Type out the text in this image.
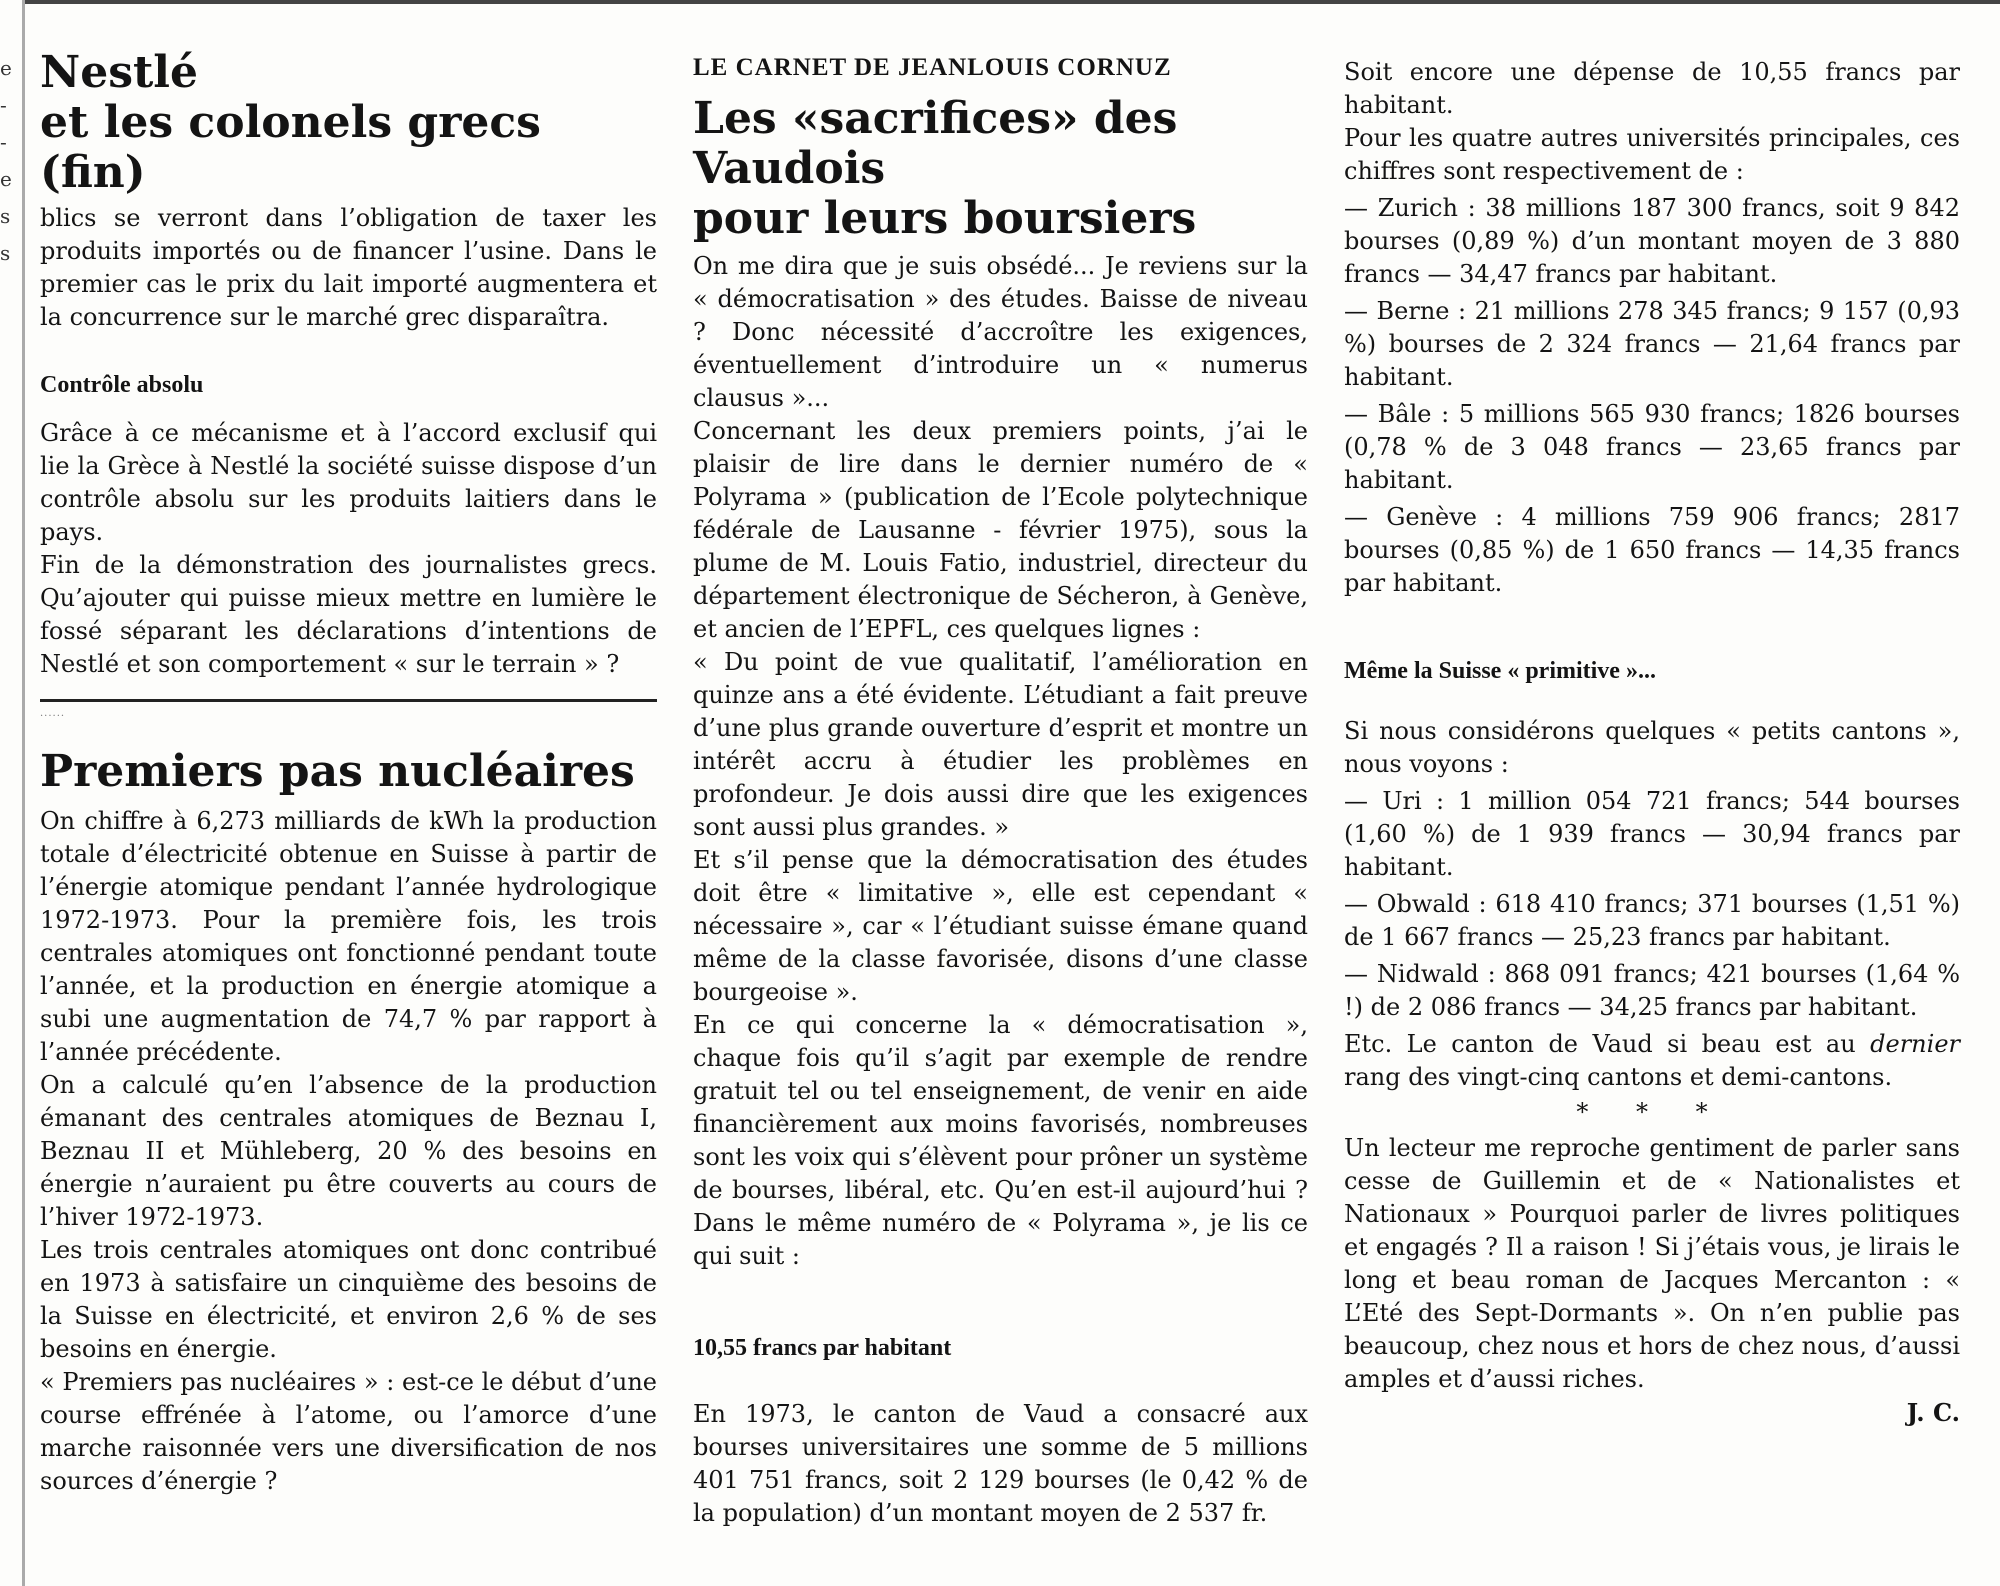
e
-
-
e
s
s
Nestlé
et les colonels grecs (fin)

blics se verront dans l’obligation de taxer les produits importés ou de financer l’usine. Dans le premier cas le prix du lait importé augmentera et la concurrence sur le marché grec disparaîtra.

Contrôle absolu

Grâce à ce mécanisme et à l’accord exclusif qui lie la Grèce à Nestlé la société suisse dispose d’un contrôle absolu sur les produits laitiers dans le pays.

Fin de la démonstration des journalistes grecs. Qu’ajouter qui puisse mieux mettre en lumière le fossé séparant les déclarations d’intentions de Nestlé et son comportement « sur le terrain » ?

......

Premiers pas nucléaires

On chiffre à 6,273 milliards de kWh la production totale d’électricité obtenue en Suisse à partir de l’énergie atomique pendant l’année hydrologique 1972-1973. Pour la première fois, les trois centrales atomiques ont fonctionné pendant toute l’année, et la production en énergie atomique a subi une augmentation de 74,7 % par rapport à l’année précédente.

On a calculé qu’en l’absence de la production émanant des centrales atomiques de Beznau I, Beznau II et Mühleberg, 20 % des besoins en énergie n’auraient pu être couverts au cours de l’hiver 1972-1973.

Les trois centrales atomiques ont donc contribué en 1973 à satisfaire un cinquième des besoins de la Suisse en électricité, et environ 2,6 % de ses besoins en énergie.

« Premiers pas nucléaires » : est-ce le début d’une course effrénée à l’atome, ou l’amorce d’une marche raisonnée vers une diversification de nos sources d’énergie ?

LE CARNET DE JEANLOUIS CORNUZ

Les «sacrifices» des Vaudois
pour leurs boursiers

On me dira que je suis obsédé... Je reviens sur la « démocratisation » des études. Baisse de niveau ? Donc nécessité d’accroître les exigences, éventuellement d’introduire un « numerus clausus »...

Concernant les deux premiers points, j’ai le plaisir de lire dans le dernier numéro de « Polyrama » (publication de l’Ecole polytechnique fédérale de Lausanne - février 1975), sous la plume de M. Louis Fatio, industriel, directeur du département électronique de Sécheron, à Genève, et ancien de l’EPFL, ces quelques lignes :

« Du point de vue qualitatif, l’amélioration en quinze ans a été évidente. L’étudiant a fait preuve d’une plus grande ouverture d’esprit et montre un intérêt accru à étudier les problèmes en profondeur. Je dois aussi dire que les exigences sont aussi plus grandes. »

Et s’il pense que la démocratisation des études doit être « limitative », elle est cependant « nécessaire », car « l’étudiant suisse émane quand même de la classe favorisée, disons d’une classe bourgeoise ».

En ce qui concerne la « démocratisation », chaque fois qu’il s’agit par exemple de rendre gratuit tel ou tel enseignement, de venir en aide financièrement aux moins favorisés, nombreuses sont les voix qui s’élèvent pour prôner un système de bourses, libéral, etc. Qu’en est-il aujourd’hui ? Dans le même numéro de « Polyrama », je lis ce qui suit :

10,55 francs par habitant

En 1973, le canton de Vaud a consacré aux bourses universitaires une somme de 5 millions 401 751 francs, soit 2 129 bourses (le 0,42 % de la population) d’un montant moyen de 2 537 fr.

Soit encore une dépense de 10,55 francs par habitant.

Pour les quatre autres universités principales, ces chiffres sont respectivement de :

— Zurich : 38 millions 187 300 francs, soit 9 842 bourses (0,89 %) d’un montant moyen de 3 880 francs — 34,47 francs par habitant.

— Berne : 21 millions 278 345 francs; 9 157 (0,93 %) bourses de 2 324 francs — 21,64 francs par habitant.

— Bâle : 5 millions 565 930 francs; 1826 bourses (0,78 % de 3 048 francs — 23,65 francs par habitant.

— Genève : 4 millions 759 906 francs; 2817 bourses (0,85 %) de 1 650 francs — 14,35 francs par habitant.

Même la Suisse « primitive »...

Si nous considérons quelques « petits cantons », nous voyons :

— Uri : 1 million 054 721 francs; 544 bourses (1,60 %) de 1 939 francs — 30,94 francs par habitant.

— Obwald : 618 410 francs; 371 bourses (1,51 %) de 1 667 francs — 25,23 francs par habitant.

— Nidwald : 868 091 francs; 421 bourses (1,64 % !) de 2 086 francs — 34,25 francs par habitant.

Etc. Le canton de Vaud si beau est au dernier rang des vingt-cinq cantons et demi-cantons.

* * *

Un lecteur me reproche gentiment de parler sans cesse de Guillemin et de « Nationalistes et Nationaux » Pourquoi parler de livres politiques et engagés ? Il a raison ! Si j’étais vous, je lirais le long et beau roman de Jacques Mercanton : « L’Eté des Sept-Dormants ». On n’en publie pas beaucoup, chez nous et hors de chez nous, d’aussi amples et d’aussi riches.

J. C.
